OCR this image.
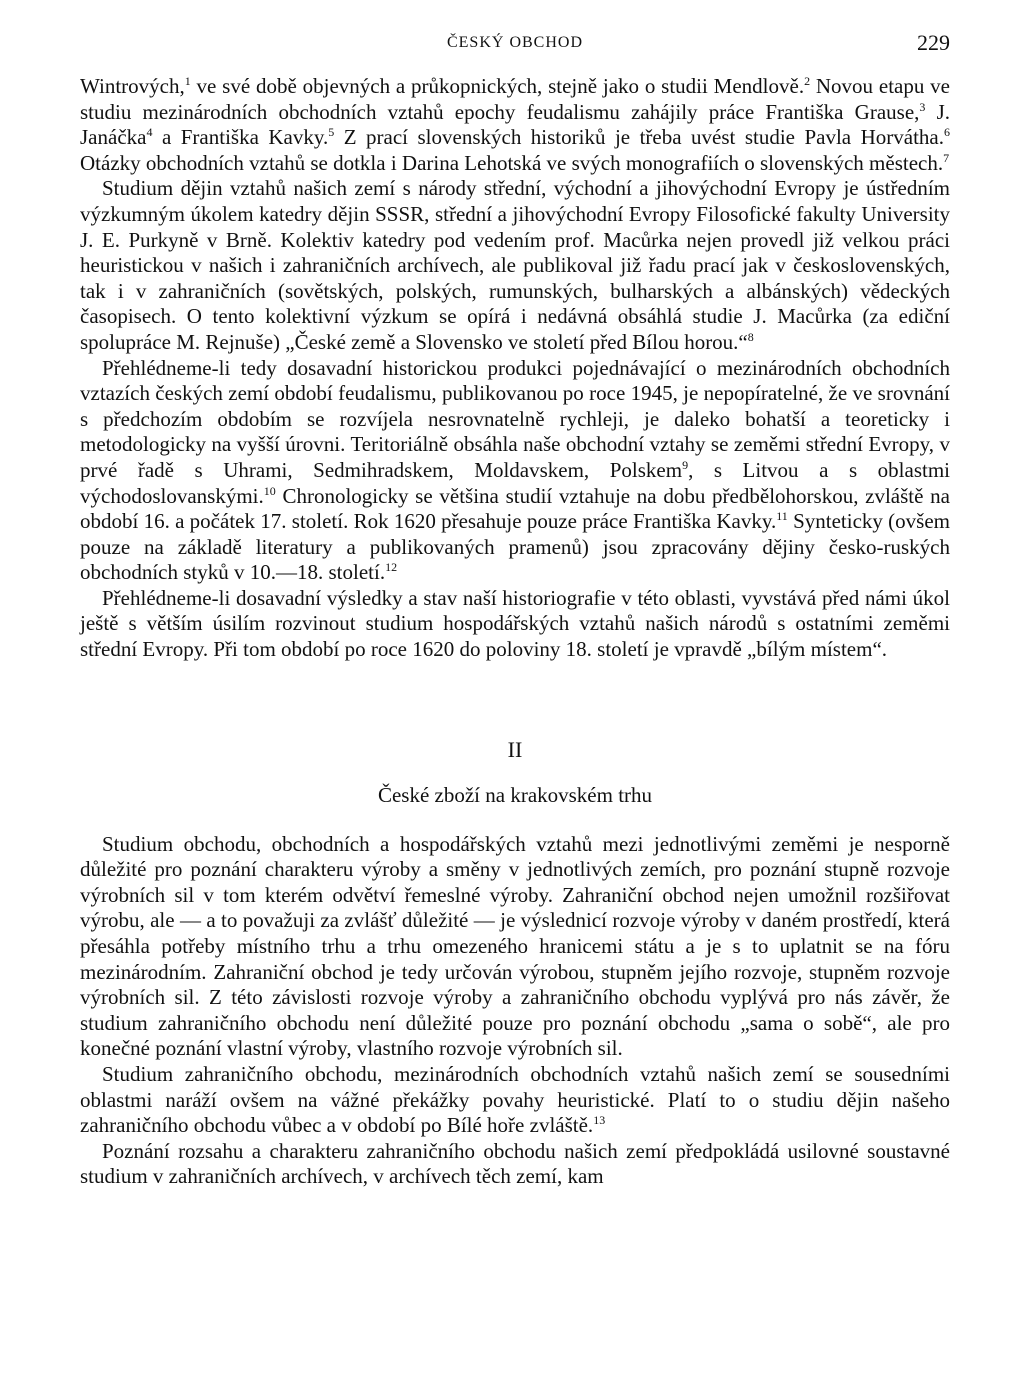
ČESKÝ OBCHOD	229

Wintrových,$^1$ ve své době objevných a průkopnických, stejně jako o studii Mendlově.$^2$ Novou etapu ve studiu mezinárodních obchodních vztahů epochy feudalismu zahájily práce Františka Grause,$^3$ J. Janáčka$^4$ a Františka Kavky.$^5$ Z prací slovenských historiků je třeba uvést studie Pavla Horvátha.$^6$ Otázky obchodních vztahů se dotkla i Darina Lehotská ve svých monografiích o slovenských městech.$^7$

Studium dějin vztahů našich zemí s národy střední, východní a jihovýchodní Evropy je ústředním výzkumným úkolem katedry dějin SSSR, střední a jihovýchodní Evropy Filosofické fakulty University J. E. Purkyně v Brně. Kolektiv katedry pod vedením prof. Macůrka nejen provedl již velkou práci heuristickou v našich i zahraničních archívech, ale publikoval již řadu prací jak v československých, tak i v zahraničních (sovětských, polských, rumunských, bulharských a albánských) vědeckých časopisech. O tento kolektivní výzkum se opírá i nedávná obsáhlá studie J. Macůrka (za ediční spolupráce M. Rejnuše) „České země a Slovensko ve století před Bílou horou.“$^8$

Přehlédneme-li tedy dosavadní historickou produkci pojednávající o mezinárodních obchodních vztazích českých zemí období feudalismu, publikovanou po roce 1945, je nepopíratelné, že ve srovnání s předchozím obdobím se rozvíjela nesrovnatelně rychleji, je daleko bohatší a teoreticky i metodologicky na vyšší úrovni. Teritoriálně obsáhla naše obchodní vztahy se zeměmi střední Evropy, v prvé řadě s Uhrami, Sedmihradskem, Moldavskem, Polskem$^9$, s Litvou a s oblastmi východoslovanskými.$^{10}$ Chronologicky se většina studií vztahuje na dobu předbělohorskou, zvláště na období 16. a počátek 17. století. Rok 1620 přesahuje pouze práce Františka Kavky.$^{11}$ Synteticky (ovšem pouze na základě literatury a publikovaných pramenů) jsou zpracovány dějiny česko-ruských obchodních styků v 10.—18. století.$^{12}$

Přehlédneme-li dosavadní výsledky a stav naší historiografie v této oblasti, vyvstává před námi úkol ještě s větším úsilím rozvinout studium hospodářských vztahů našich národů s ostatními zeměmi střední Evropy. Při tom období po roce 1620 do poloviny 18. století je vpravdě „bílým místem“.

II
České zboží na krakovském trhu

Studium obchodu, obchodních a hospodářských vztahů mezi jednotlivými zeměmi je nesporně důležité pro poznání charakteru výroby a směny v jednotlivých zemích, pro poznání stupně rozvoje výrobních sil v tom kterém odvětví řemeslné výroby. Zahraniční obchod nejen umožnil rozšiřovat výrobu, ale — a to považuji za zvlášť důležité — je výslednicí rozvoje výroby v daném prostředí, která přesáhla potřeby místního trhu a trhu omezeného hranicemi státu a je s to uplatnit se na fóru mezinárodním. Zahraniční obchod je tedy určován výrobou, stupněm jejího rozvoje, stupněm rozvoje výrobních sil. Z této závislosti rozvoje výroby a zahraničního obchodu vyplývá pro nás závěr, že studium zahraničního obchodu není důležité pouze pro poznání obchodu „sama o sobě“, ale pro konečné poznání vlastní výroby, vlastního rozvoje výrobních sil.

Studium zahraničního obchodu, mezinárodních obchodních vztahů našich zemí se sousedními oblastmi naráží ovšem na vážné překážky povahy heuristické. Platí to o studiu dějin našeho zahraničního obchodu vůbec a v období po Bílé hoře zvláště.$^{13}$

Poznání rozsahu a charakteru zahraničního obchodu našich zemí předpokládá usilovné soustavné studium v zahraničních archívech, v archívech těch zemí, kam
